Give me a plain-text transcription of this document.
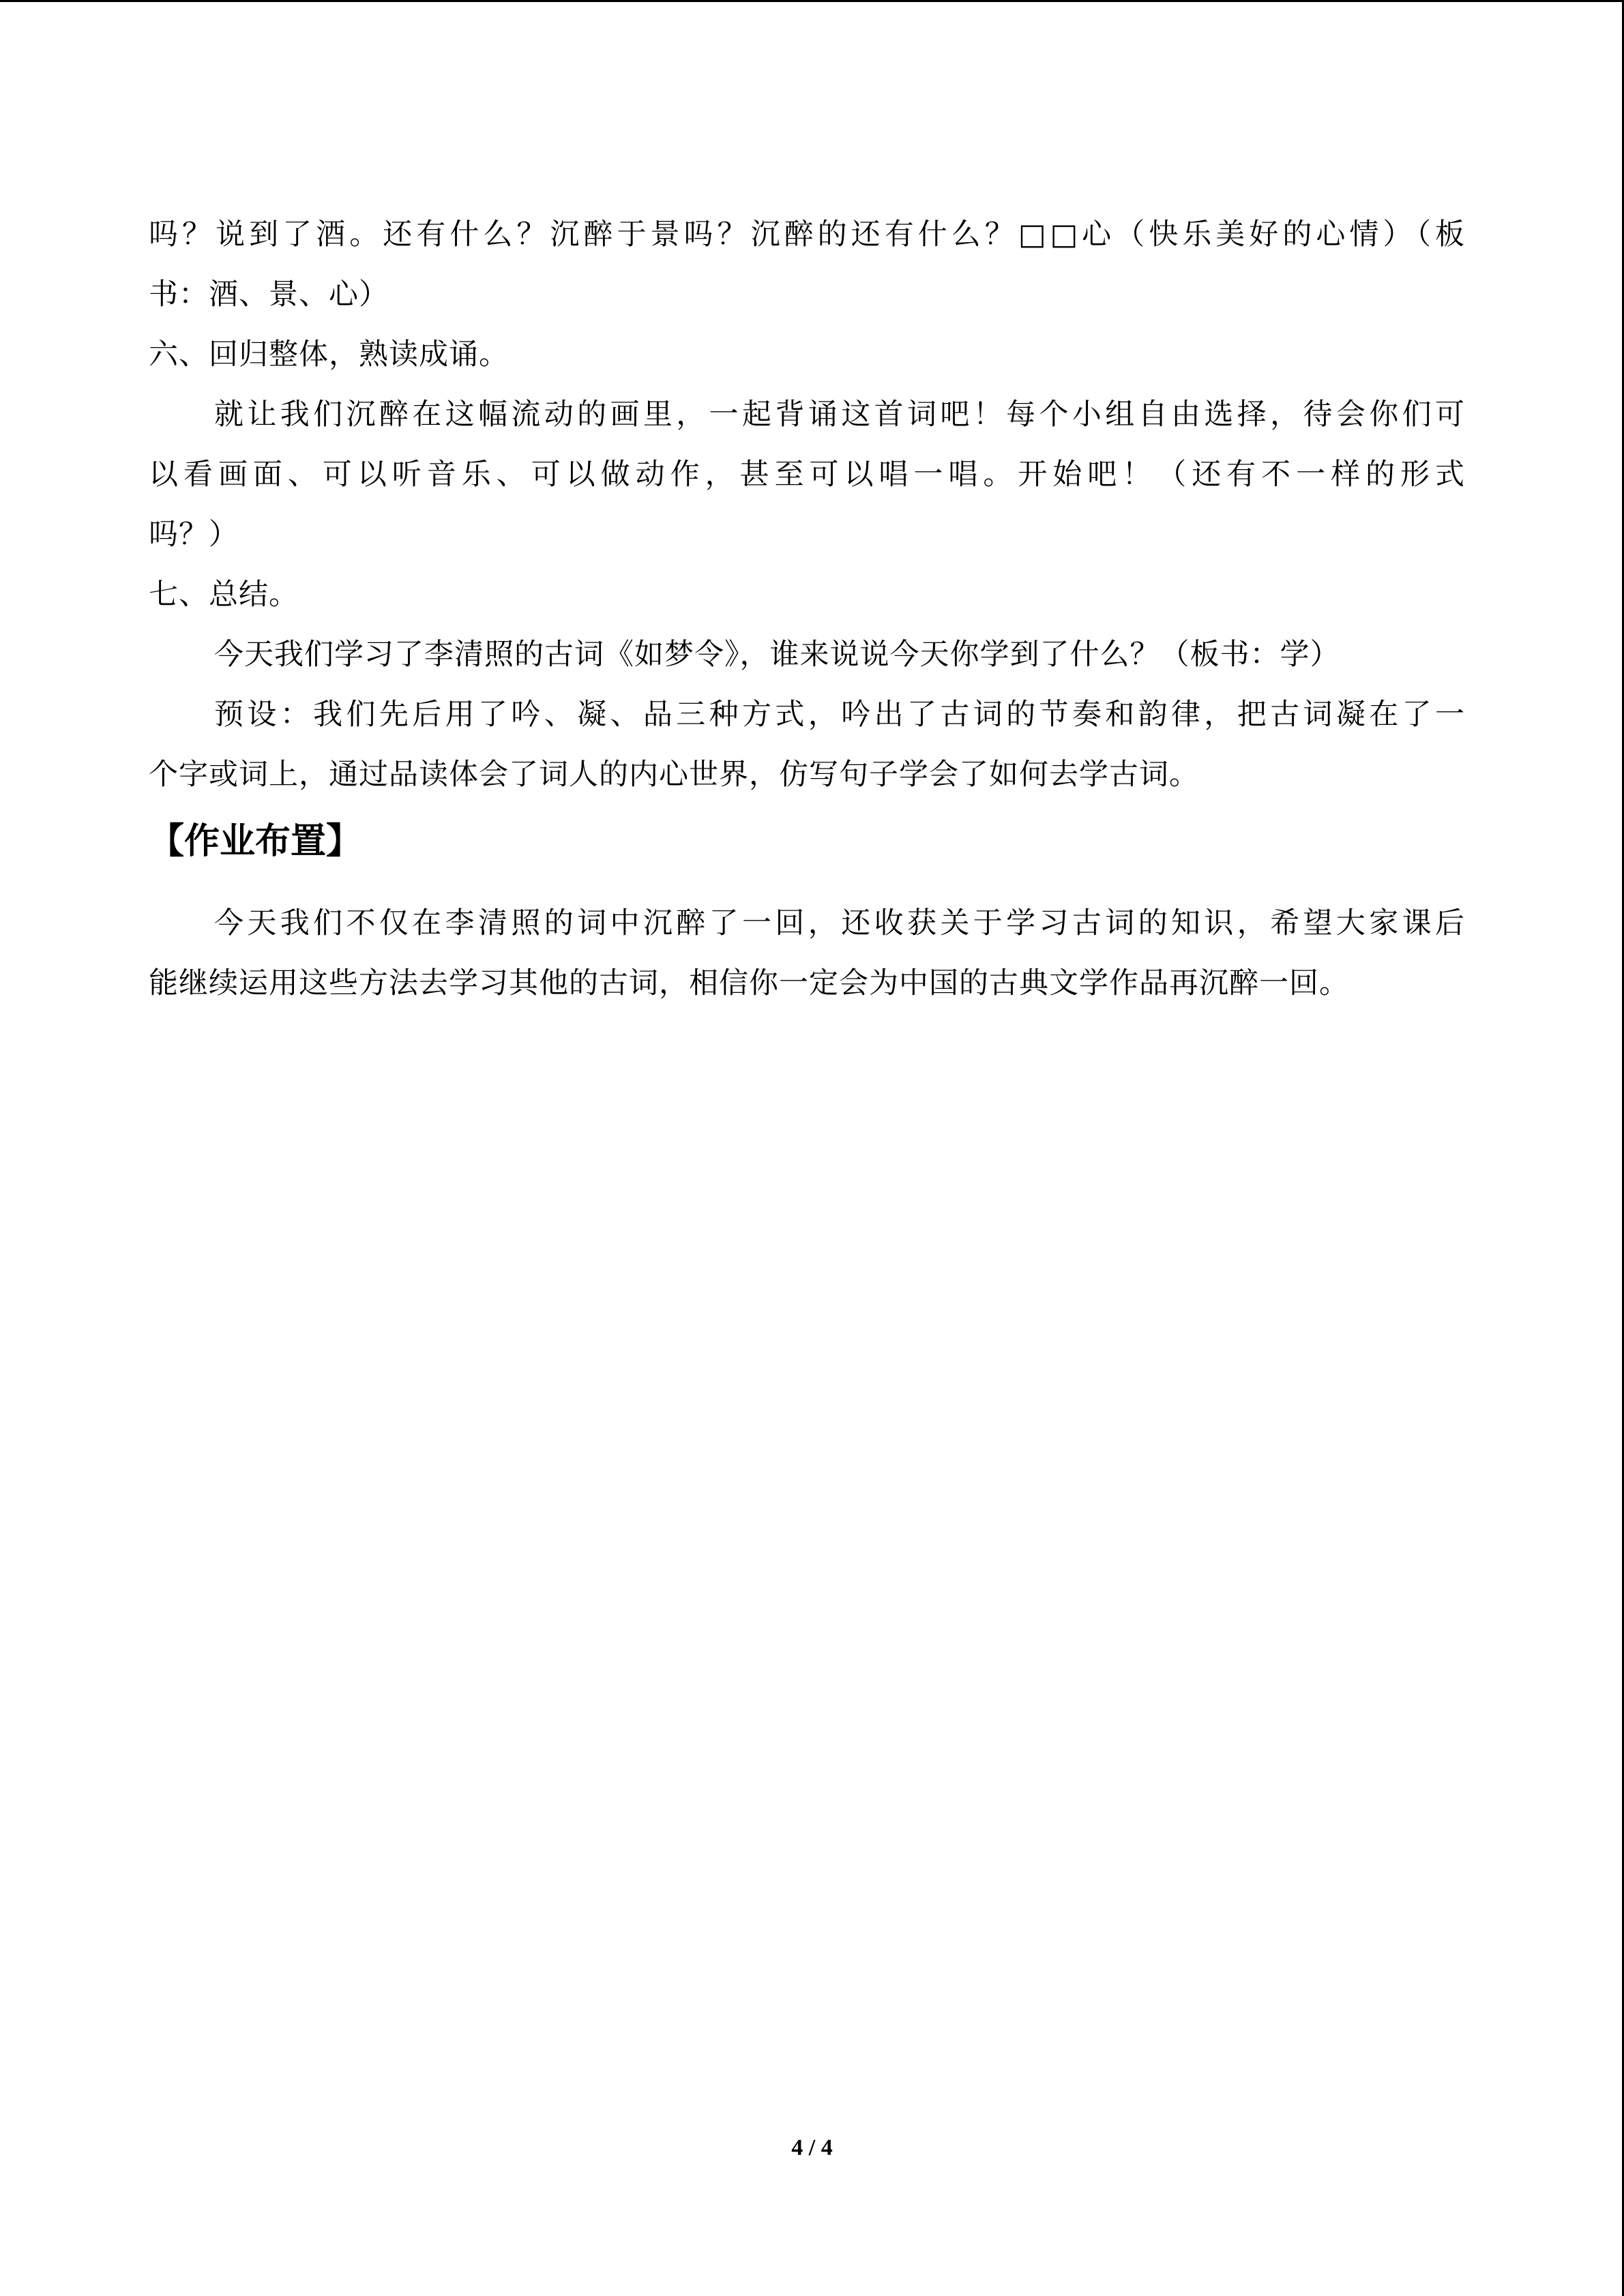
吗？说到了酒。还有什么？沉醉于景吗？沉醉的还有什么？□□心（快乐美好的心情）（板
书：酒、景、心）
六、回归整体，熟读成诵。
就让我们沉醉在这幅流动的画里，一起背诵这首词吧！每个小组自由选择，待会你们可
以看画面、可以听音乐、可以做动作，甚至可以唱一唱。开始吧！（还有不一样的形式
吗？）
七、总结。
今天我们学习了李清照的古词《如梦令》，谁来说说今天你学到了什么？（板书：学）
预设：我们先后用了吟、凝、品三种方式，吟出了古词的节奏和韵律，把古词凝在了一
个字或词上，通过品读体会了词人的内心世界，仿写句子学会了如何去学古词。
【作业布置】
今天我们不仅在李清照的词中沉醉了一回，还收获关于学习古词的知识，希望大家课后
能继续运用这些方法去学习其他的古词，相信你一定会为中国的古典文学作品再沉醉一回。
4 / 4
